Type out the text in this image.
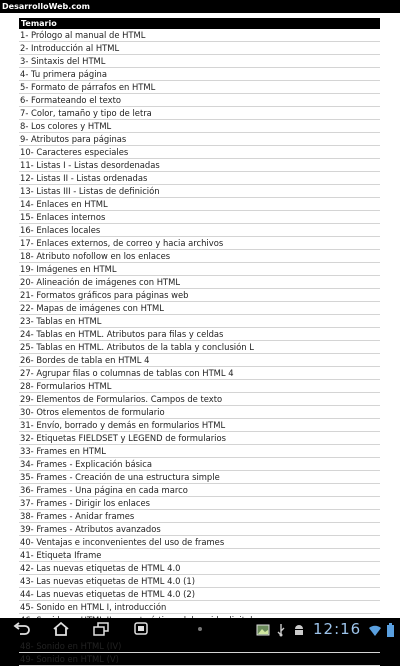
DesarrolloWeb.com
Temario
1- Prólogo al manual de HTML
2- Introducción al HTML
3- Sintaxis del HTML
4- Tu primera página
5- Formato de párrafos en HTML
6- Formateando el texto
7- Color, tamaño y tipo de letra
8- Los colores y HTML
9- Atributos para páginas
10- Caracteres especiales
11- Listas I - Listas desordenadas
12- Listas II - Listas ordenadas
13- Listas III - Listas de definición
14- Enlaces en HTML
15- Enlaces internos
16- Enlaces locales
17- Enlaces externos, de correo y hacia archivos
18- Atributo nofollow en los enlaces
19- Imágenes en HTML
20- Alineación de imágenes con HTML
21- Formatos gráficos para páginas web
22- Mapas de imágenes con HTML
23- Tablas en HTML
24- Tablas en HTML. Atributos para filas y celdas
25- Tablas en HTML. Atributos de la tabla y conclusión L
26- Bordes de tabla en HTML 4
27- Agrupar filas o columnas de tablas con HTML 4
28- Formularios HTML
29- Elementos de Formularios. Campos de texto
30- Otros elementos de formulario
31- Envío, borrado y demás en formularios HTML
32- Etiquetas FIELDSET y LEGEND de formularios
33- Frames en HTML
34- Frames - Explicación básica
35- Frames - Creación de una estructura simple
36- Frames - Una página en cada marco
37- Frames - Dirigir los enlaces
38- Frames - Anidar frames
39- Frames - Atributos avanzados
40- Ventajas e inconvenientes del uso de frames
41- Etiqueta Iframe
42- Las nuevas etiquetas de HTML 4.0
43- Las nuevas etiquetas de HTML 4.0 (1)
44- Las nuevas etiquetas de HTML 4.0 (2)
45- Sonido en HTML I, introducción
48- Sonido en HTML (IV)
49- Sonido en HTML (V)
12:16
